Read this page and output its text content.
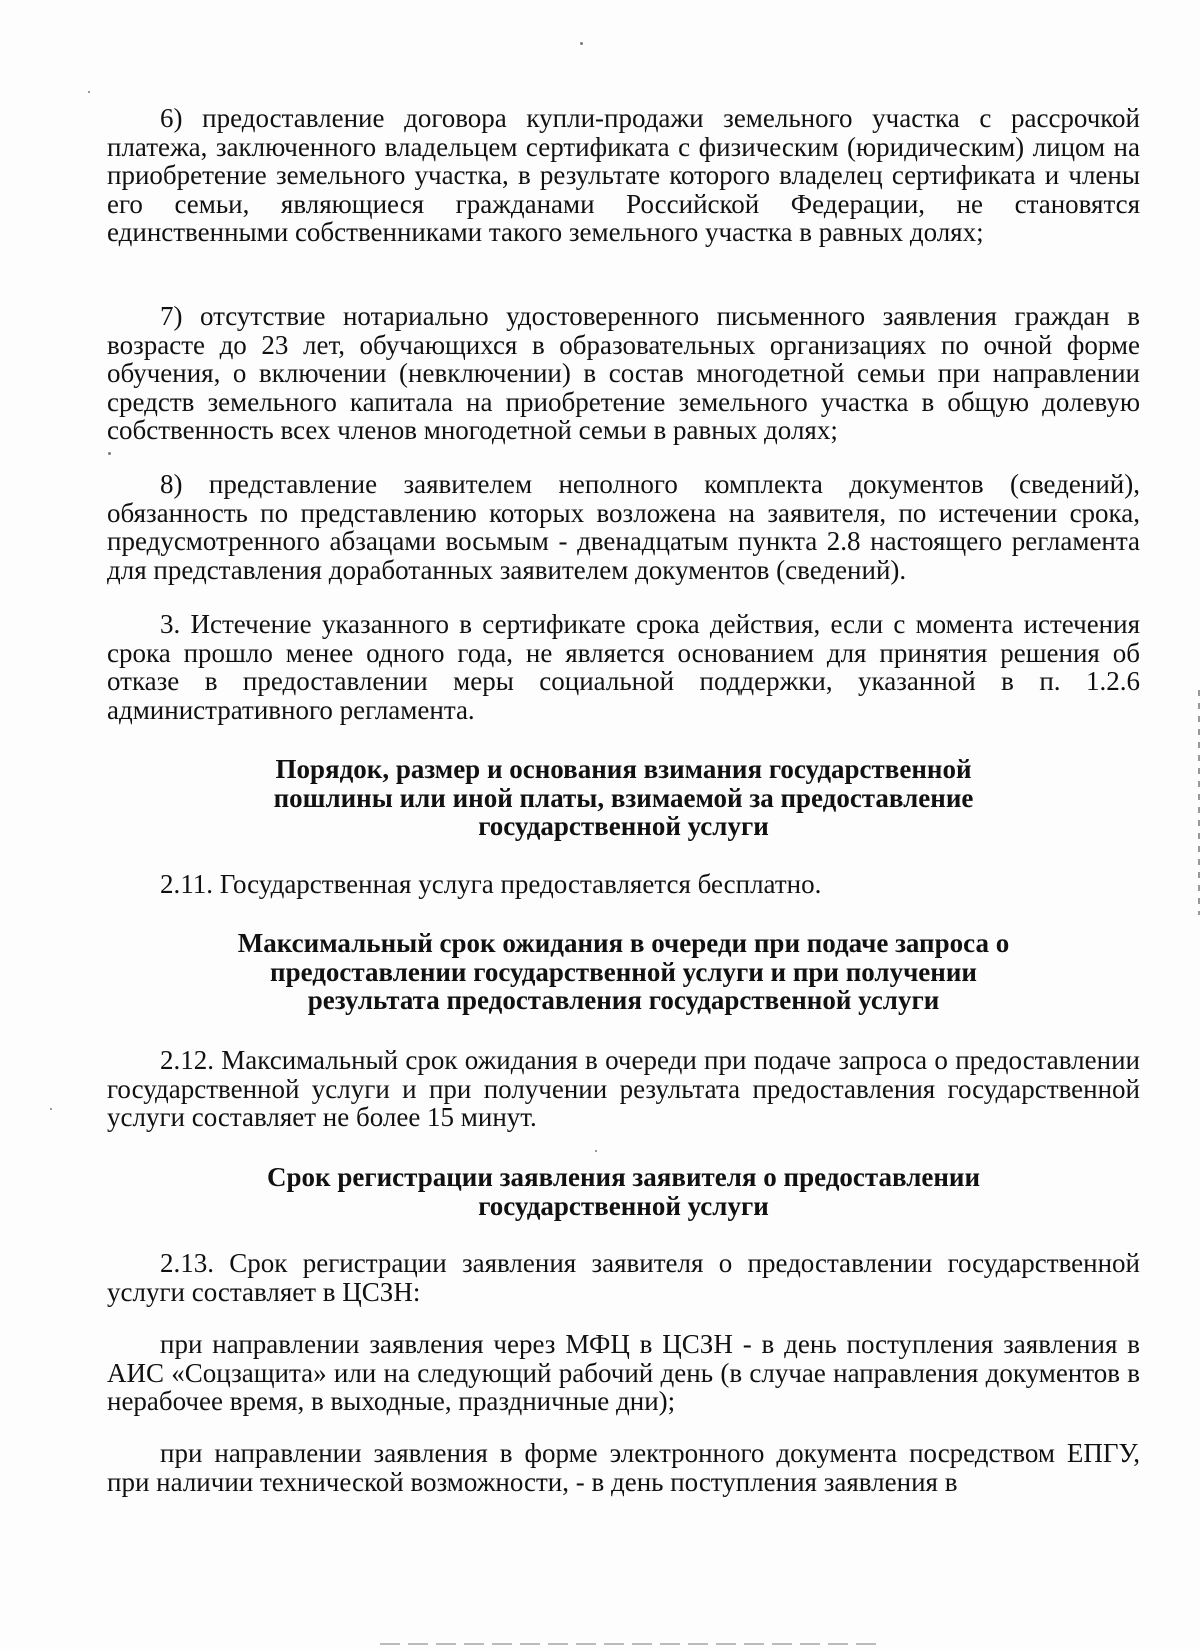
6) предоставление договора купли-продажи земельного участка с рассрочкой платежа, заключенного владельцем сертификата с физическим (юридическим) лицом на приобретение земельного участка, в результате которого владелец сертификата и члены его семьи, являющиеся гражданами Российской Федерации, не становятся единственными собственниками такого земельного участка в равных долях;

7) отсутствие нотариально удостоверенного письменного заявления граждан в возрасте до 23 лет, обучающихся в образовательных организациях по очной форме обучения, о включении (невключении) в состав многодетной семьи при направлении средств земельного капитала на приобретение земельного участка в общую долевую собственность всех членов многодетной семьи в равных долях;

8) представление заявителем неполного комплекта документов (сведений), обязанность по представлению которых возложена на заявителя, по истечении срока, предусмотренного абзацами восьмым - двенадцатым пункта 2.8 настоящего регламента для представления доработанных заявителем документов (сведений).

3. Истечение указанного в сертификате срока действия, если с момента истечения срока прошло менее одного года, не является основанием для принятия решения об отказе в предоставлении меры социальной поддержки, указанной в п. 1.2.6 административного регламента.

Порядок, размер и основания взимания государственной пошлины или иной платы, взимаемой за предоставление государственной услуги

2.11. Государственная услуга предоставляется бесплатно.

Максимальный срок ожидания в очереди при подаче запроса о предоставлении государственной услуги и при получении результата предоставления государственной услуги

2.12. Максимальный срок ожидания в очереди при подаче запроса о предоставлении государственной услуги и при получении результата предоставления государственной услуги составляет не более 15 минут.

Срок регистрации заявления заявителя о предоставлении государственной услуги

2.13. Срок регистрации заявления заявителя о предоставлении государственной услуги составляет в ЦСЗН:

при направлении заявления через МФЦ в ЦСЗН - в день поступления заявления в АИС «Соцзащита» или на следующий рабочий день (в случае направления документов в нерабочее время, в выходные, праздничные дни);

при направлении заявления в форме электронного документа посредством ЕПГУ, при наличии технической возможности, - в день поступления заявления в
